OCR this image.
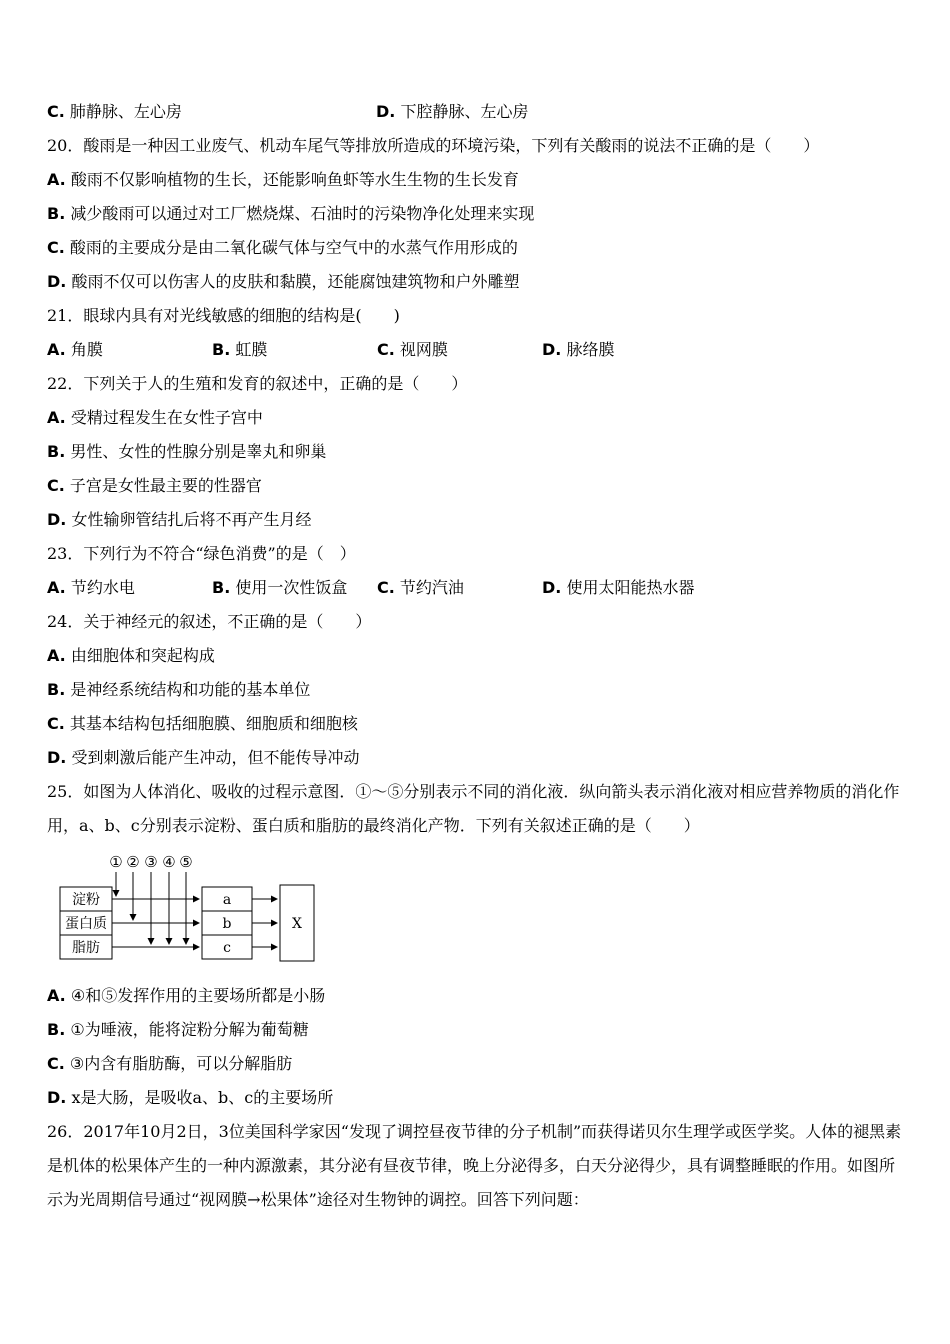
C. 肺静脉、左心房	D. 下腔静脉、左心房
20．酸雨是一种因工业废气、机动车尾气等排放所造成的环境污染，下列有关酸雨的说法不正确的是（　　）
A. 酸雨不仅影响植物的生长，还能影响鱼虾等水生生物的生长发育
B. 减少酸雨可以通过对工厂燃烧煤、石油时的污染物净化处理来实现
C. 酸雨的主要成分是由二氧化碳气体与空气中的水蒸气作用形成的
D. 酸雨不仅可以伤害人的皮肤和黏膜，还能腐蚀建筑物和户外雕塑
21．眼球内具有对光线敏感的细胞的结构是(　　)
A. 角膜	B. 虹膜	C. 视网膜	D. 脉络膜
22．下列关于人的生殖和发育的叙述中，正确的是（　　）
A. 受精过程发生在女性子宫中
B. 男性、女性的性腺分别是睾丸和卵巢
C. 子宫是女性最主要的性器官
D. 女性输卵管结扎后将不再产生月经
23．下列行为不符合“绿色消费”的是（　）
A. 节约水电	B. 使用一次性饭盒 C. 节约汽油	D. 使用太阳能热水器
24．关于神经元的叙述，不正确的是（　　）
A. 由细胞体和突起构成
B. 是神经系统结构和功能的基本单位
C. 其基本结构包括细胞膜、细胞质和细胞核
D. 受到刺激后能产生冲动，但不能传导冲动
25．如图为人体消化、吸收的过程示意图．①～⑤分别表示不同的消化液．纵向箭头表示消化液对相应营养物质的消化作用，a、b、c分别表示淀粉、蛋白质和脂肪的最终消化产物．下列有关叙述正确的是（　　）
① ② ③ ④ ⑤
淀粉
蛋白质
脂肪
a
b
c
X
A. ④和⑤发挥作用的主要场所都是小肠
B. ①为唾液，能将淀粉分解为葡萄糖
C. ③内含有脂肪酶，可以分解脂肪
D. x是大肠，是吸收a、b、c的主要场所
26．2017年10月2日，3位美国科学家因“发现了调控昼夜节律的分子机制”而获得诺贝尔生理学或医学奖。人体的褪黑素是机体的松果体产生的一种内源激素，其分泌有昼夜节律，晚上分泌得多，白天分泌得少，具有调整睡眠的作用。如图所示为光周期信号通过“视网膜→松果体”途径对生物钟的调控。回答下列问题：
